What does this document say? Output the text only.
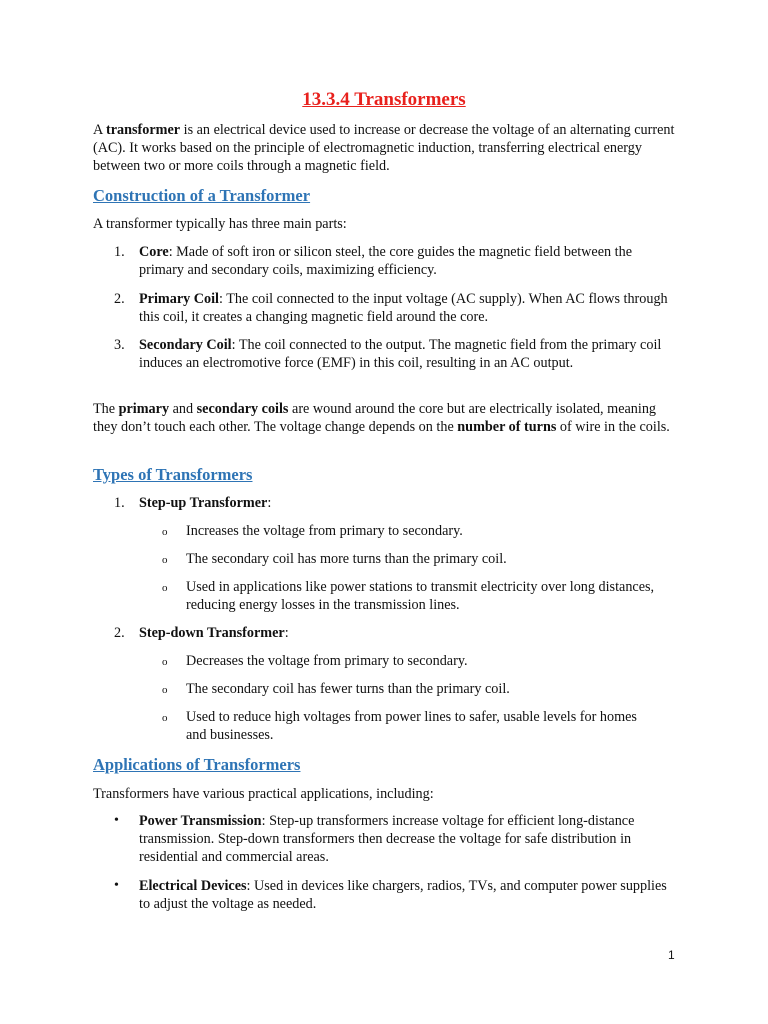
13.3.4 Transformers
A transformer is an electrical device used to increase or decrease the voltage of an alternating current (AC). It works based on the principle of electromagnetic induction, transferring electrical energy between two or more coils through a magnetic field.
Construction of a Transformer
A transformer typically has three main parts:
1. Core: Made of soft iron or silicon steel, the core guides the magnetic field between the primary and secondary coils, maximizing efficiency.
2. Primary Coil: The coil connected to the input voltage (AC supply). When AC flows through this coil, it creates a changing magnetic field around the core.
3. Secondary Coil: The coil connected to the output. The magnetic field from the primary coil induces an electromotive force (EMF) in this coil, resulting in an AC output.
The primary and secondary coils are wound around the core but are electrically isolated, meaning they don’t touch each other. The voltage change depends on the number of turns of wire in the coils.
Types of Transformers
1. Step-up Transformer:
o Increases the voltage from primary to secondary.
o The secondary coil has more turns than the primary coil.
o Used in applications like power stations to transmit electricity over long distances, reducing energy losses in the transmission lines.
2. Step-down Transformer:
o Decreases the voltage from primary to secondary.
o The secondary coil has fewer turns than the primary coil.
o Used to reduce high voltages from power lines to safer, usable levels for homes and businesses.
Applications of Transformers
Transformers have various practical applications, including:
• Power Transmission: Step-up transformers increase voltage for efficient long-distance transmission. Step-down transformers then decrease the voltage for safe distribution in residential and commercial areas.
• Electrical Devices: Used in devices like chargers, radios, TVs, and computer power supplies to adjust the voltage as needed.
1
